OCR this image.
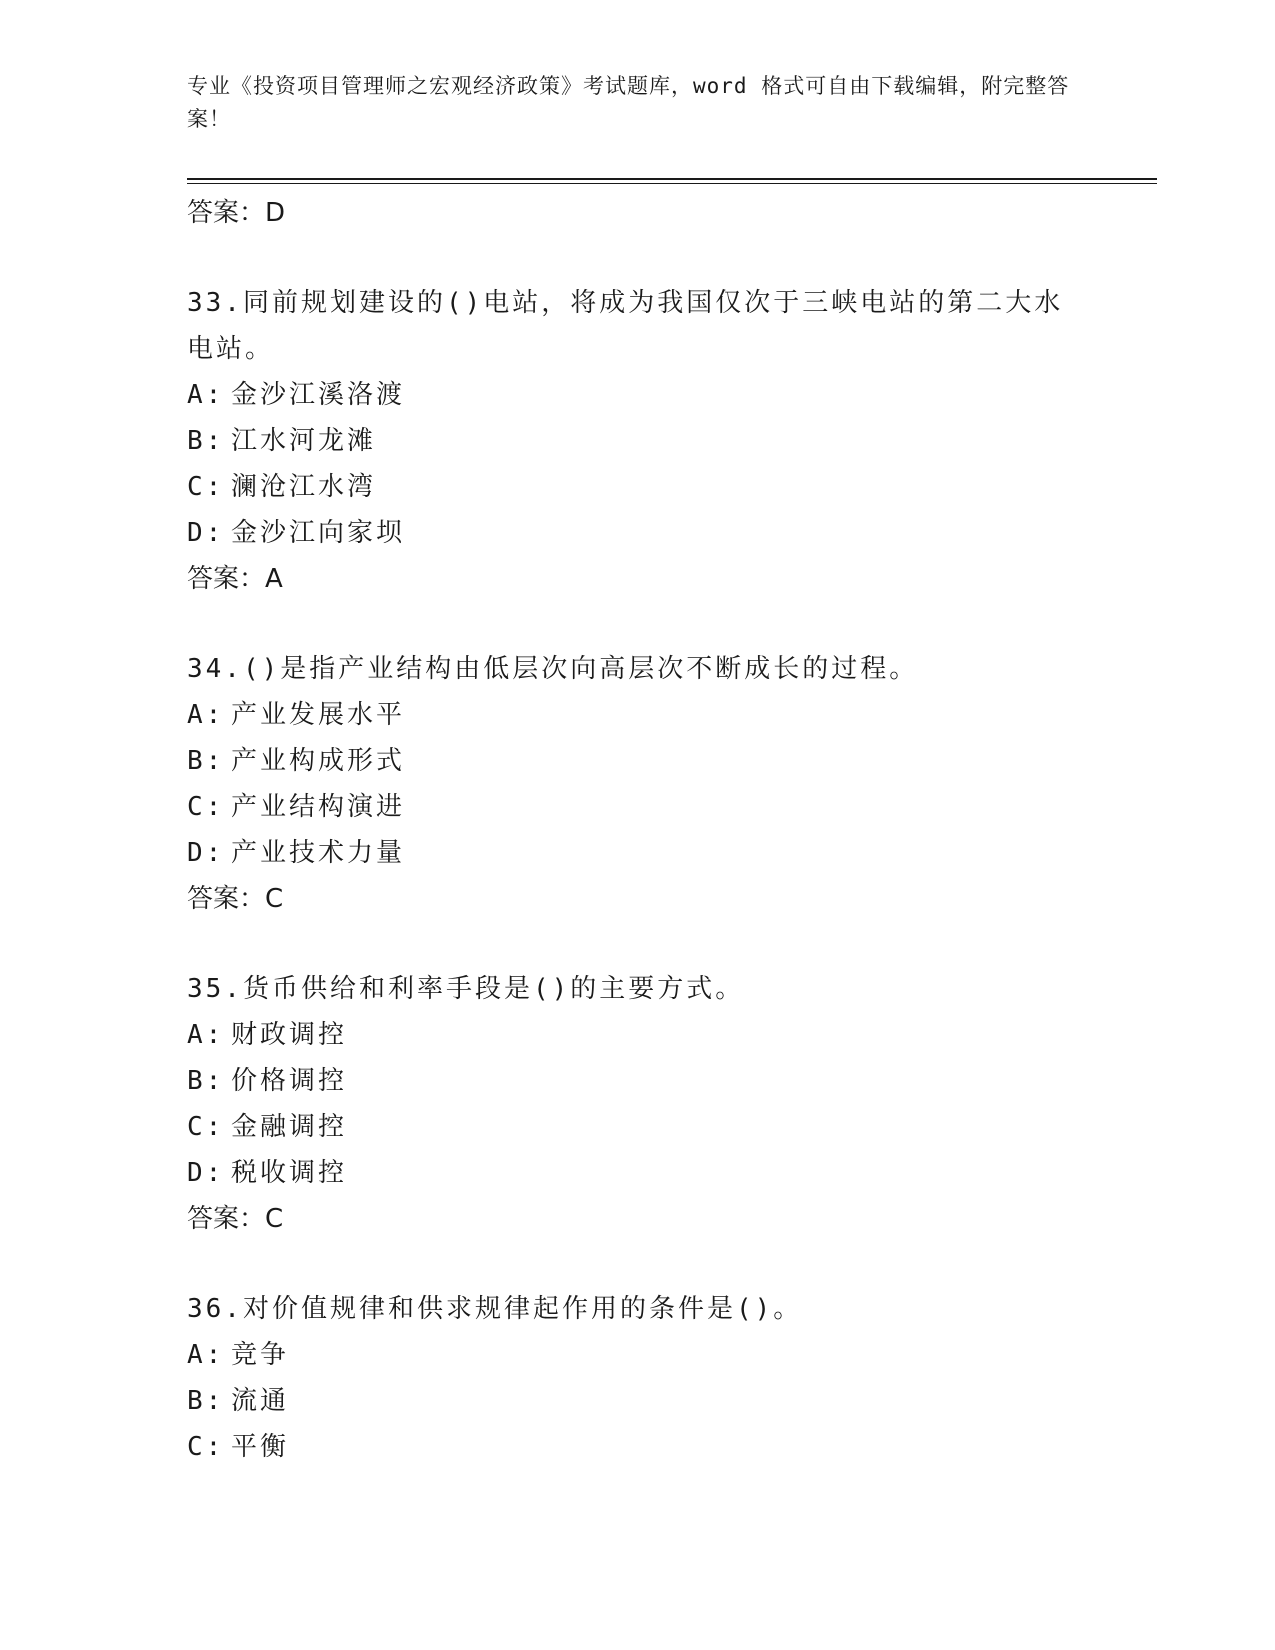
专业《投资项目管理师之宏观经济政策》考试题库，word 格式可自由下载编辑，附完整答案！
答案：D
33.同前规划建设的()电站，将成为我国仅次于三峡电站的第二大水电站。
A: 金沙江溪洛渡
B: 江水河龙滩
C: 澜沧江水湾
D: 金沙江向家坝
答案：A
34.()是指产业结构由低层次向高层次不断成长的过程。
A: 产业发展水平
B: 产业构成形式
C: 产业结构演进
D: 产业技术力量
答案：C
35.货币供给和利率手段是()的主要方式。
A: 财政调控
B: 价格调控
C: 金融调控
D: 税收调控
答案：C
36.对价值规律和供求规律起作用的条件是()。
A: 竞争
B: 流通
C: 平衡
